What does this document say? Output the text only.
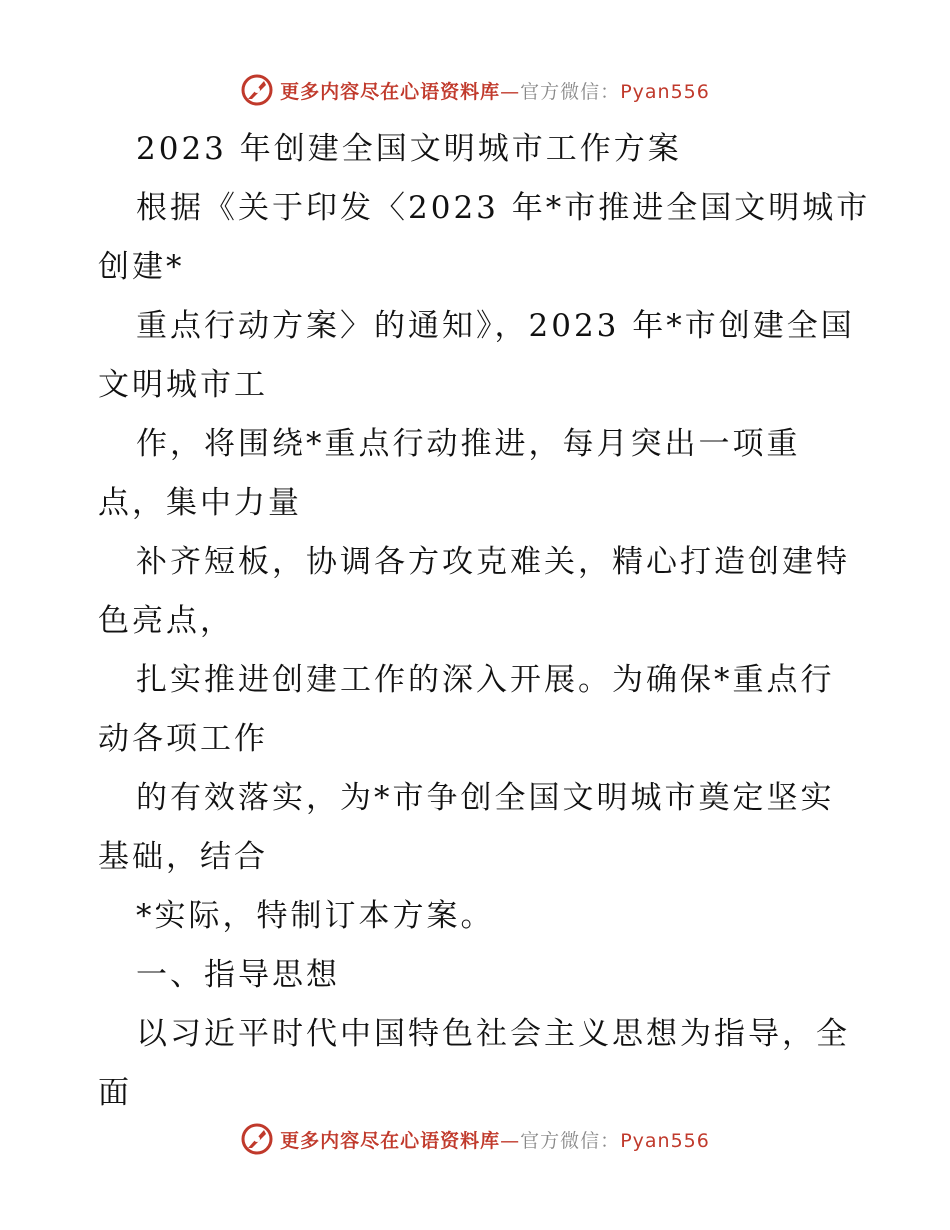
更多内容尽在心语资料库—官方微信：Pyan556

2023 年创建全国文明城市工作方案

根据《关于印发〈2023 年*市推进全国文明城市

创建*

重点行动方案〉的通知》，2023 年*市创建全国

文明城市工

作，将围绕*重点行动推进，每月突出一项重

点，集中力量

补齐短板，协调各方攻克难关，精心打造创建特

色亮点，

扎实推进创建工作的深入开展。为确保*重点行

动各项工作

的有效落实，为*市争创全国文明城市奠定坚实

基础，结合

*实际，特制订本方案。

一、指导思想

以习近平时代中国特色社会主义思想为指导，全

面

更多内容尽在心语资料库—官方微信：Pyan556
